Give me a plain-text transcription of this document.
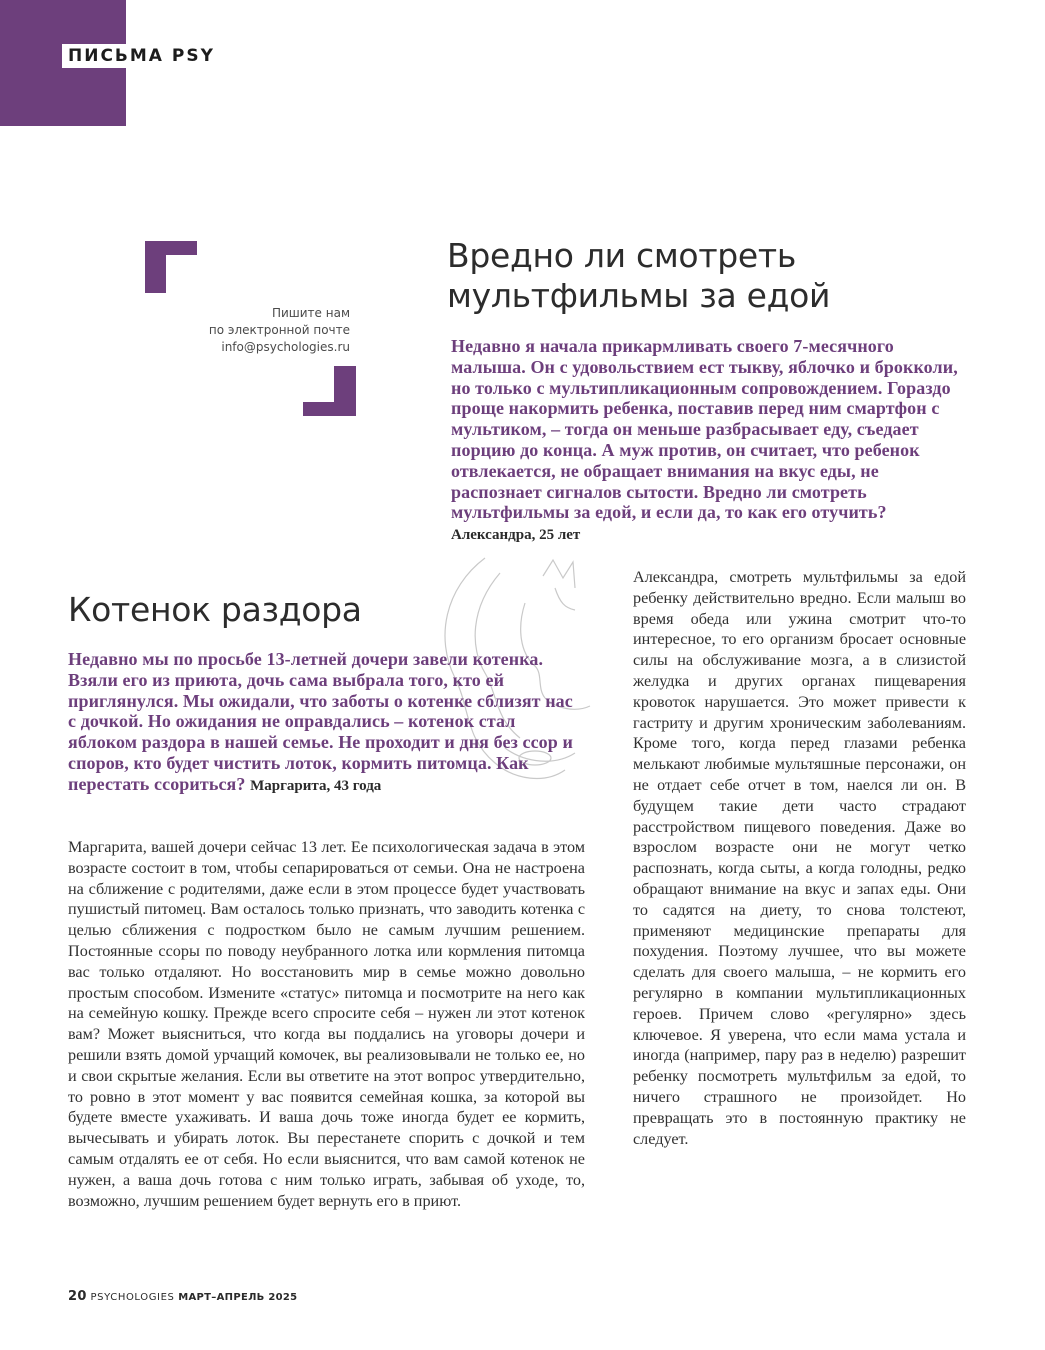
ПИСЬМА PSY
Пишите нам
по электронной почте
info@psychologies.ru
Вредно ли смотреть
мультфильмы за едой
Недавно я начала прикармливать своего 7-месячного малыша. Он с удовольствием ест тыкву, яблочко и брокколи, но только с мультипликационным сопровождением. Гораздо проще накормить ребенка, поставив перед ним смартфон с мультиком, – тогда он меньше разбрасывает еду, съедает порцию до конца. А муж против, он считает, что ребенок отвлекается, не обращает внимания на вкус еды, не распознает сигналов сытости. Вредно ли смотреть мультфильмы за едой, и если да, то как его отучить? Александра, 25 лет
Котенок раздора
Недавно мы по просьбе 13-летней дочери завели котенка. Взяли его из приюта, дочь сама выбрала того, кто ей приглянулся. Мы ожидали, что заботы о котенке сблизят нас с дочкой. Но ожидания не оправдались – котенок стал яблоком раздора в нашей семье. Не проходит и дня без ссор и споров, кто будет чистить лоток, кормить питомца. Как перестать ссориться? Маргарита, 43 года
Маргарита, вашей дочери сейчас 13 лет. Ее психологическая задача в этом возрасте состоит в том, чтобы сепарироваться от семьи. Она не настроена на сближение с родителями, даже если в этом процессе будет участвовать пушистый питомец. Вам осталось только признать, что заводить котенка с целью сближения с подростком было не самым лучшим решением. Постоянные ссоры по поводу неубранного лотка или кормления питомца вас только отдаляют. Но восстановить мир в семье можно довольно простым способом. Измените «статус» питомца и посмотрите на него как на семейную кошку. Прежде всего спросите себя – нужен ли этот котенок вам? Может выясниться, что когда вы поддались на уговоры дочери и решили взять домой урчащий комочек, вы реализовывали не только ее, но и свои скрытые желания. Если вы ответите на этот вопрос утвердительно, то ровно в этот момент у вас появится семейная кошка, за которой вы будете вместе ухаживать. И ваша дочь тоже иногда будет ее кормить, вычесывать и убирать лоток. Вы перестанете спорить с дочкой и тем самым отдалять ее от себя. Но если выяснится, что вам самой котенок не нужен, а ваша дочь готова с ним только играть, забывая об уходе, то, возможно, лучшим решением будет вернуть его в приют.
Александра, смотреть мультфильмы за едой ребенку действительно вредно. Если малыш во время обеда или ужина смотрит что-то интересное, то его организм бросает основные силы на обслуживание мозга, а в слизистой желудка и других органах пищеварения кровоток нарушается. Это может привести к гастриту и другим хроническим заболеваниям. Кроме того, когда перед глазами ребенка мелькают любимые мультяшные персонажи, он не отдает себе отчет в том, наелся ли он. В будущем такие дети часто страдают расстройством пищевого поведения. Даже во взрослом возрасте они не могут четко распознать, когда сыты, а когда голодны, редко обращают внимание на вкус и запах еды. Они то садятся на диету, то снова толстеют, применяют медицинские препараты для похудения. Поэтому лучшее, что вы можете сделать для своего малыша, – не кормить его регулярно в компании мультипликационных героев. Причем слово «регулярно» здесь ключевое. Я уверена, что если мама устала и иногда (например, пару раз в неделю) разрешит ребенку посмотреть мультфильм за едой, то ничего страшного не произойдет. Но превращать это в постоянную практику не следует.
20 PSYCHOLOGIES МАРТ–АПРЕЛЬ 2025
